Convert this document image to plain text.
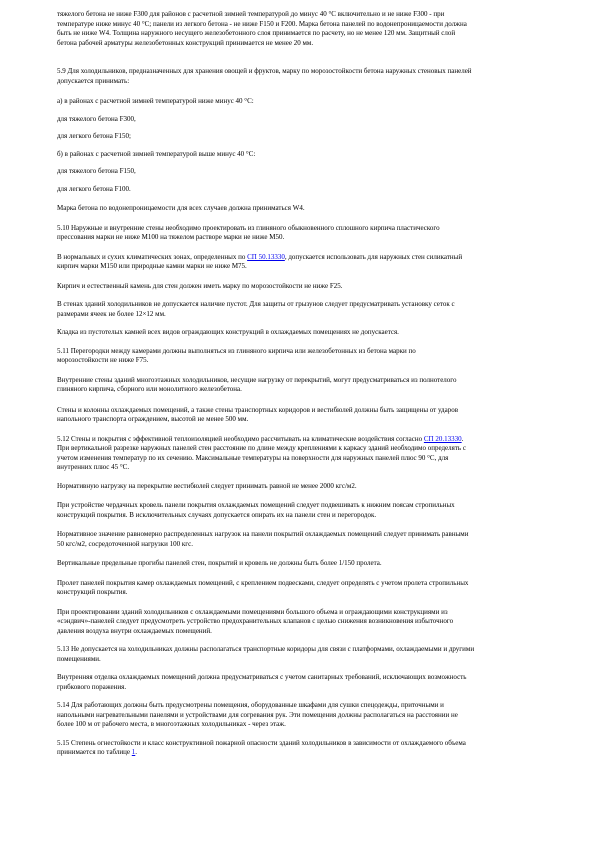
тяжелого бетона не ниже F300 для районов с расчетной зимней температурой до минус 40 °С включительно и не ниже F300 - при
температуре ниже минус 40 °С; панели из легкого бетона - не ниже F150 и F200. Марка бетона панелей по водонепроницаемости должна
быть не ниже W4. Толщина наружного несущего железобетонного слоя принимается по расчету, но не менее 120 мм. Защитный слой
бетона рабочей арматуры железобетонных конструкций принимается не менее 20 мм.

5.9 Для холодильников, предназначенных для хранения овощей и фруктов, марку по морозостойкости бетона наружных стеновых панелей
допускается принимать:

а) в районах с расчетной зимней температурой ниже минус 40 °С:

для тяжелого бетона F300,

для легкого бетона F150;

б) в районах с расчетной зимней температурой выше минус 40 °С:

для тяжелого бетона F150,

для легкого бетона F100.

Марка бетона по водонепроницаемости для всех случаев должна приниматься W4.

5.10 Наружные и внутренние стены необходимо проектировать из глиняного обыкновенного сплошного кирпича пластического
прессования марки не ниже М100 на тяжелом растворе марки не ниже М50.

В нормальных и сухих климатических зонах, определенных по СП 50.13330, допускается использовать для наружных стен силикатный
кирпич марки М150 или природные камни марки не ниже М75.

Кирпич и естественный камень для стен должен иметь марку по морозостойкости не ниже F25.

В стенах зданий холодильников не допускается наличие пустот. Для защиты от грызунов следует предусматривать установку сеток с
размерами ячеек не более 12×12 мм.

Кладка из пустотелых камней всех видов ограждающих конструкций в охлаждаемых помещениях не допускается.

5.11 Перегородки между камерами должны выполняться из глиняного кирпича или железобетонных из бетона марки по
морозостойкости не ниже F75.

Внутренние стены зданий многоэтажных холодильников, несущие нагрузку от перекрытий, могут предусматриваться из полнотелого
глиняного кирпича, сборного или монолитного железобетона.

Стены и колонны охлаждаемых помещений, а также стены транспортных коридоров и вестибюлей должны быть защищены от ударов
напольного транспорта ограждением, высотой не менее 500 мм.

5.12 Стены и покрытия с эффективной теплоизоляцией необходимо рассчитывать на климатические воздействия согласно СП 20.13330.
При вертикальной разрезке наружных панелей стен расстояние по длине между креплениями к каркасу зданий необходимо определять с
учетом изменения температур по их сечению. Максимальные температуры на поверхности для наружных панелей плюс 90 °С, для
внутренних плюс 45 °С.

Нормативную нагрузку на перекрытие вестибюлей следует принимать равной не менее 2000 кгс/м2.

При устройстве чердачных кровель панели покрытия охлаждаемых помещений следует подвешивать к нижним поясам стропильных
конструкций покрытия. В исключительных случаях допускается опирать их на панели стен и перегородок.

Нормативное значение равномерно распределенных нагрузок на панели покрытий охлаждаемых помещений следует принимать равными
50 кгс/м2, сосредоточенной нагрузки 100 кгс.

Вертикальные предельные прогибы панелей стен, покрытий и кровель не должны быть более 1/150 пролета.

Пролет панелей покрытия камер охлаждаемых помещений, с креплением подвесками, следует определять с учетом пролета стропильных
конструкций покрытия.

При проектировании зданий холодильников с охлаждаемыми помещениями большого объема и ограждающими конструкциями из
«сэндвич»-панелей следует предусмотреть устройство предохранительных клапанов с целью снижения возникновения избыточного
давления воздуха внутри охлаждаемых помещений.

5.13 Не допускается на холодильниках должны располагаться транспортные коридоры для связи с платформами, охлаждаемыми и другими
помещениями.

Внутренняя отделка охлаждаемых помещений должна предусматриваться с учетом санитарных требований, исключающих возможность
грибкового поражения.

5.14 Для работающих должны быть предусмотрены помещения, оборудованные шкафами для сушки спецодежды, приточными и
напольными нагревательными панелями и устройствами для согревания рук. Эти помещения должны располагаться на расстоянии не
более 100 м от рабочего места, в многоэтажных холодильниках - через этаж.

5.15 Степень огнестойкости и класс конструктивной пожарной опасности зданий холодильников в зависимости от охлаждаемого объема
принимается по таблице 1.
